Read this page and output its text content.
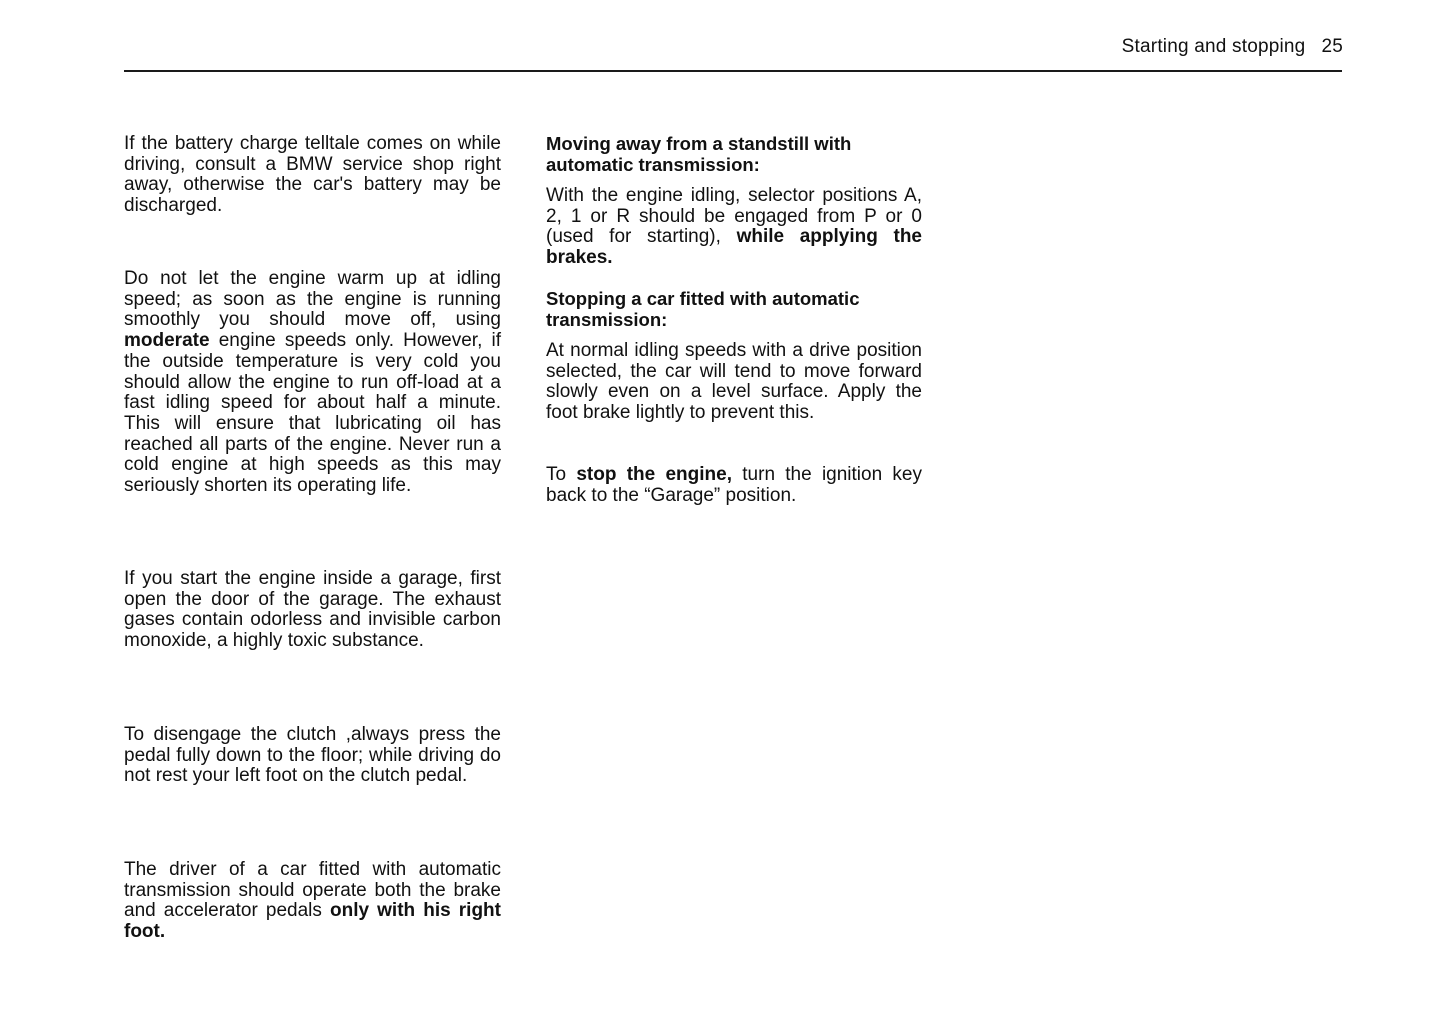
Starting and stopping 25

If the battery charge telltale comes on while driving, consult a BMW service shop right away, otherwise the car's battery may be discharged.

Do not let the engine warm up at idling speed; as soon as the engine is running smoothly you should move off, using moderate engine speeds only. However, if the outside temperature is very cold you should allow the engine to run off-load at a fast idling speed for about half a minute. This will ensure that lubricating oil has reached all parts of the engine. Never run a cold engine at high speeds as this may seriously shorten its operating life.

If you start the engine inside a garage, first open the door of the garage. The exhaust gases contain odorless and invisible carbon monoxide, a highly toxic substance.

To disengage the clutch ,always press the pedal fully down to the floor; while driving do not rest your left foot on the clutch pedal.

The driver of a car fitted with automatic transmission should operate both the brake and accelerator pedals only with his right foot.

Moving away from a standstill with automatic transmission:

With the engine idling, selector positions A, 2, 1 or R should be engaged from P or 0 (used for starting), while applying the brakes.

Stopping a car fitted with automatic transmission:

At normal idling speeds with a drive position selected, the car will tend to move forward slowly even on a level surface. Apply the foot brake lightly to prevent this.

To stop the engine, turn the ignition key back to the “Garage” position.
